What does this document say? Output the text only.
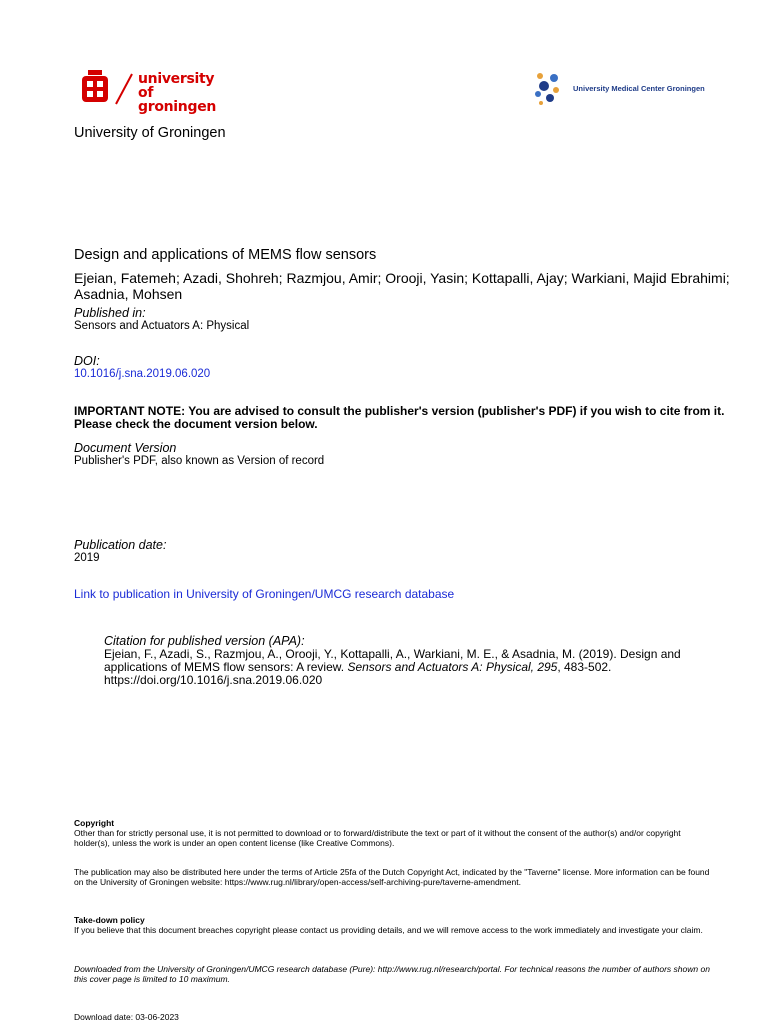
university of
groningen
University Medical Center Groningen
University of Groningen
Design and applications of MEMS flow sensors
Ejeian, Fatemeh; Azadi, Shohreh; Razmjou, Amir; Orooji, Yasin; Kottapalli, Ajay; Warkiani, Majid Ebrahimi; Asadnia, Mohsen
Published in:
Sensors and Actuators A: Physical
DOI:
10.1016/j.sna.2019.06.020
IMPORTANT NOTE: You are advised to consult the publisher's version (publisher's PDF) if you wish to cite from it. Please check the document version below.
Document Version
Publisher's PDF, also known as Version of record
Publication date:
2019
Link to publication in University of Groningen/UMCG research database
Citation for published version (APA):
Ejeian, F., Azadi, S., Razmjou, A., Orooji, Y., Kottapalli, A., Warkiani, M. E., & Asadnia, M. (2019). Design and applications of MEMS flow sensors: A review. Sensors and Actuators A: Physical, 295, 483-502. https://doi.org/10.1016/j.sna.2019.06.020
Copyright
Other than for strictly personal use, it is not permitted to download or to forward/distribute the text or part of it without the consent of the author(s) and/or copyright holder(s), unless the work is under an open content license (like Creative Commons).
The publication may also be distributed here under the terms of Article 25fa of the Dutch Copyright Act, indicated by the "Taverne" license. More information can be found on the University of Groningen website: https://www.rug.nl/library/open-access/self-archiving-pure/taverne-amendment.
Take-down policy
If you believe that this document breaches copyright please contact us providing details, and we will remove access to the work immediately and investigate your claim.
Downloaded from the University of Groningen/UMCG research database (Pure): http://www.rug.nl/research/portal. For technical reasons the number of authors shown on this cover page is limited to 10 maximum.
Download date: 03-06-2023
